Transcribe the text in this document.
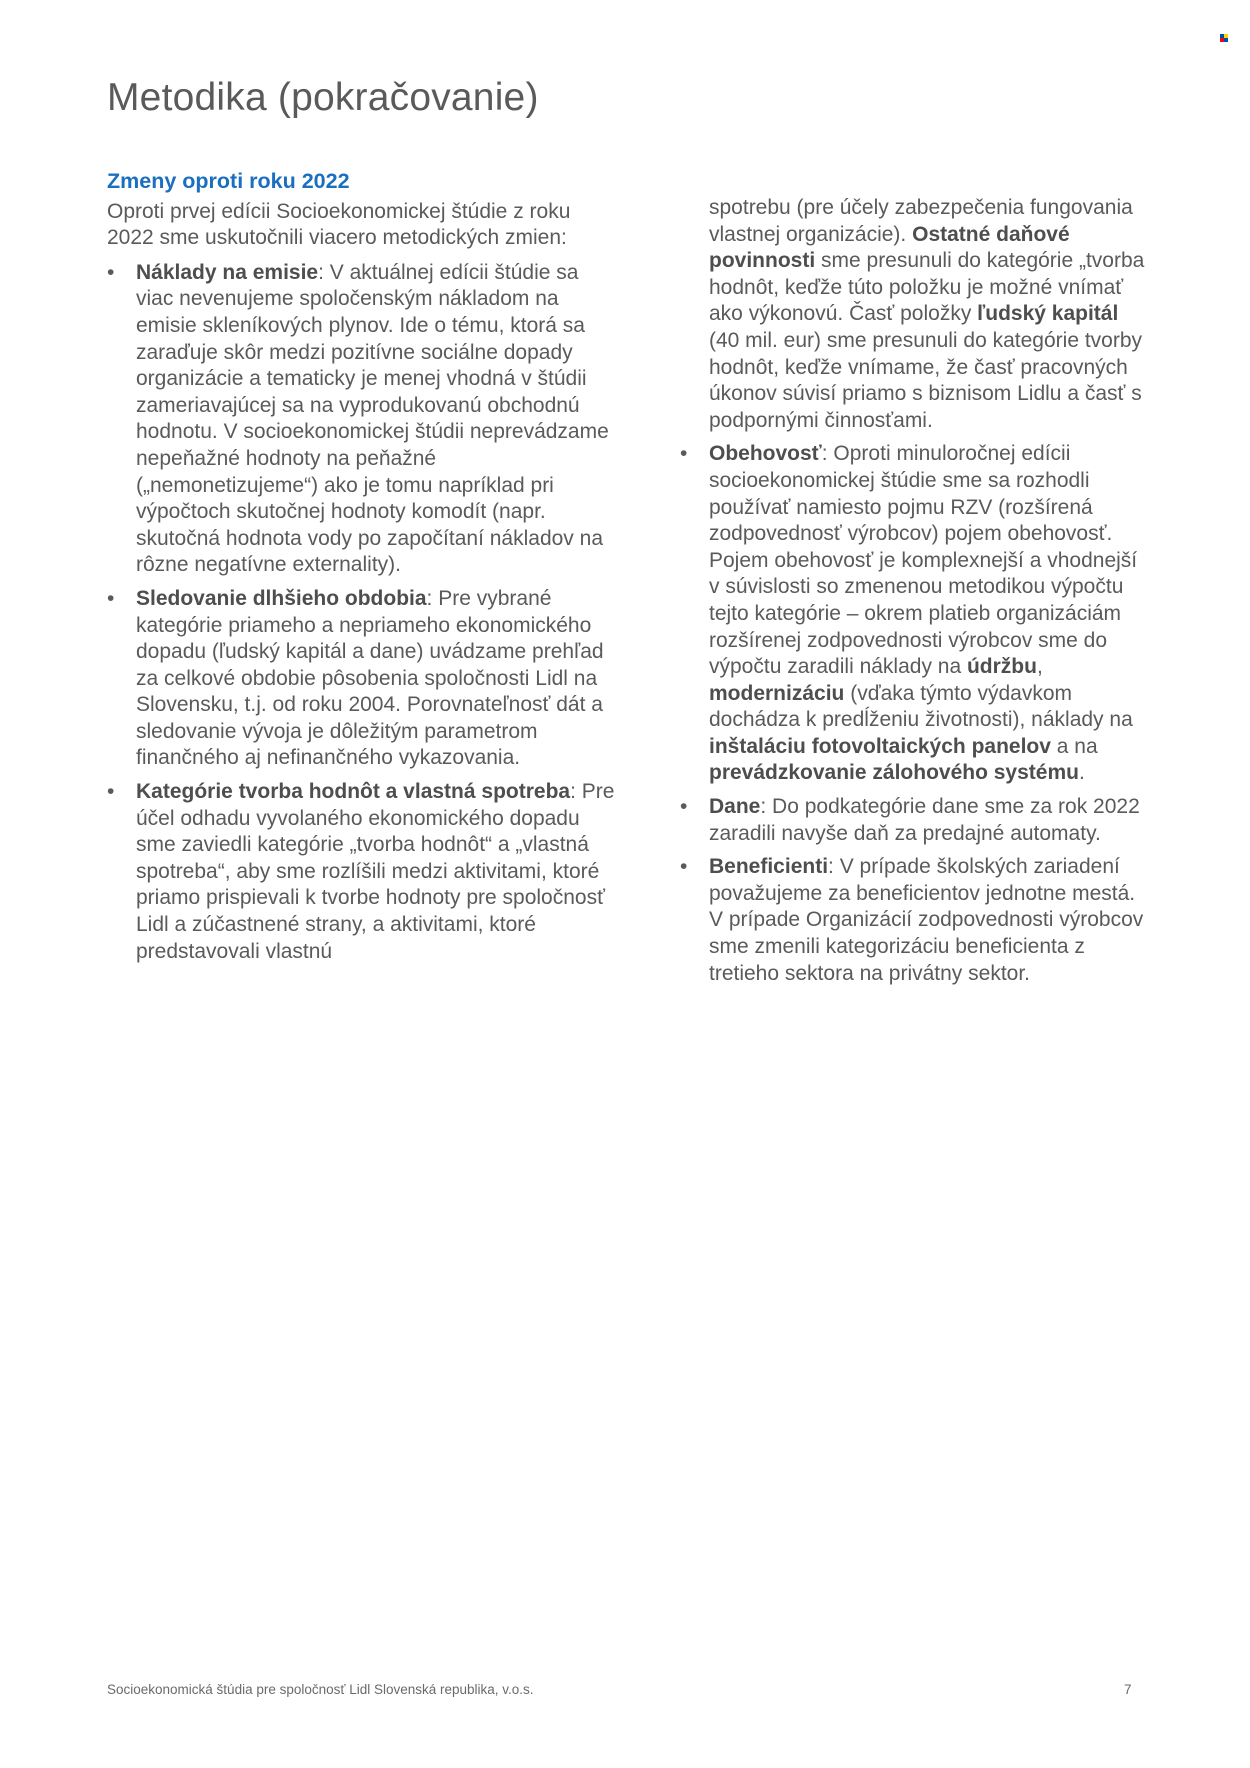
Metodika (pokračovanie)
Zmeny oproti roku 2022

Oproti prvej edícii Socioekonomickej štúdie z roku 2022 sme uskutočnili viacero metodických zmien:

• Náklady na emisie: V aktuálnej edícii štúdie sa viac nevenujeme spoločenským nákladom na emisie skleníkových plynov. Ide o tému, ktorá sa zaraďuje skôr medzi pozitívne sociálne dopady organizácie a tematicky je menej vhodná v štúdii zameriavajúcej sa na vyprodukovanú obchodnú hodnotu. V socioekonomickej štúdii neprevádzame nepeňažné hodnoty na peňažné („nemonetizujeme“) ako je tomu napríklad pri výpočtoch skutočnej hodnoty komodít (napr. skutočná hodnota vody po započítaní nákladov na rôzne negatívne externality).
• Sledovanie dlhšieho obdobia: Pre vybrané kategórie priameho a nepriameho ekonomického dopadu (ľudský kapitál a dane) uvádzame prehľad za celkové obdobie pôsobenia spoločnosti Lidl na Slovensku, t.j. od roku 2004. Porovnateľnosť dát a sledovanie vývoja je dôležitým parametrom finančného aj nefinančného vykazovania.
• Kategórie tvorba hodnôt a vlastná spotreba: Pre účel odhadu vyvolaného ekonomického dopadu sme zaviedli kategórie „tvorba hodnôt“ a „vlastná spotreba“, aby sme rozlíšili medzi aktivitami, ktoré priamo prispievali k tvorbe hodnoty pre spoločnosť Lidl a zúčastnené strany, a aktivitami, ktoré predstavovali vlastnú

spotrebu (pre účely zabezpečenia fungovania vlastnej organizácie). Ostatné daňové povinnosti sme presunuli do kategórie „tvorba hodnôt, keďže túto položku je možné vnímať ako výkonovú. Časť položky ľudský kapitál (40 mil. eur) sme presunuli do kategórie tvorby hodnôt, keďže vnímame, že časť pracovných úkonov súvisí priamo s biznisom Lidlu a časť s podpornými činnosťami.

• Obehovosť: Oproti minuloročnej edícii socioekonomickej štúdie sme sa rozhodli používať namiesto pojmu RZV (rozšírená zodpovednosť výrobcov) pojem obehovosť. Pojem obehovosť je komplexnejší a vhodnejší v súvislosti so zmenenou metodikou výpočtu tejto kategórie – okrem platieb organizáciám rozšírenej zodpovednosti výrobcov sme do výpočtu zaradili náklady na údržbu, modernizáciu (vďaka týmto výdavkom dochádza k predĺženiu životnosti), náklady na inštaláciu fotovoltaických panelov a na prevádzkovanie zálohového systému.
• Dane: Do podkategórie dane sme za rok 2022 zaradili navyše daň za predajné automaty.
• Beneficienti: V prípade školských zariadení považujeme za beneficientov jednotne mestá. V prípade Organizácií zodpovednosti výrobcov sme zmenili kategorizáciu beneficienta z tretieho sektora na privátny sektor.
Socioekonomická štúdia pre spoločnosť Lidl Slovenská republika, v.o.s.	7
